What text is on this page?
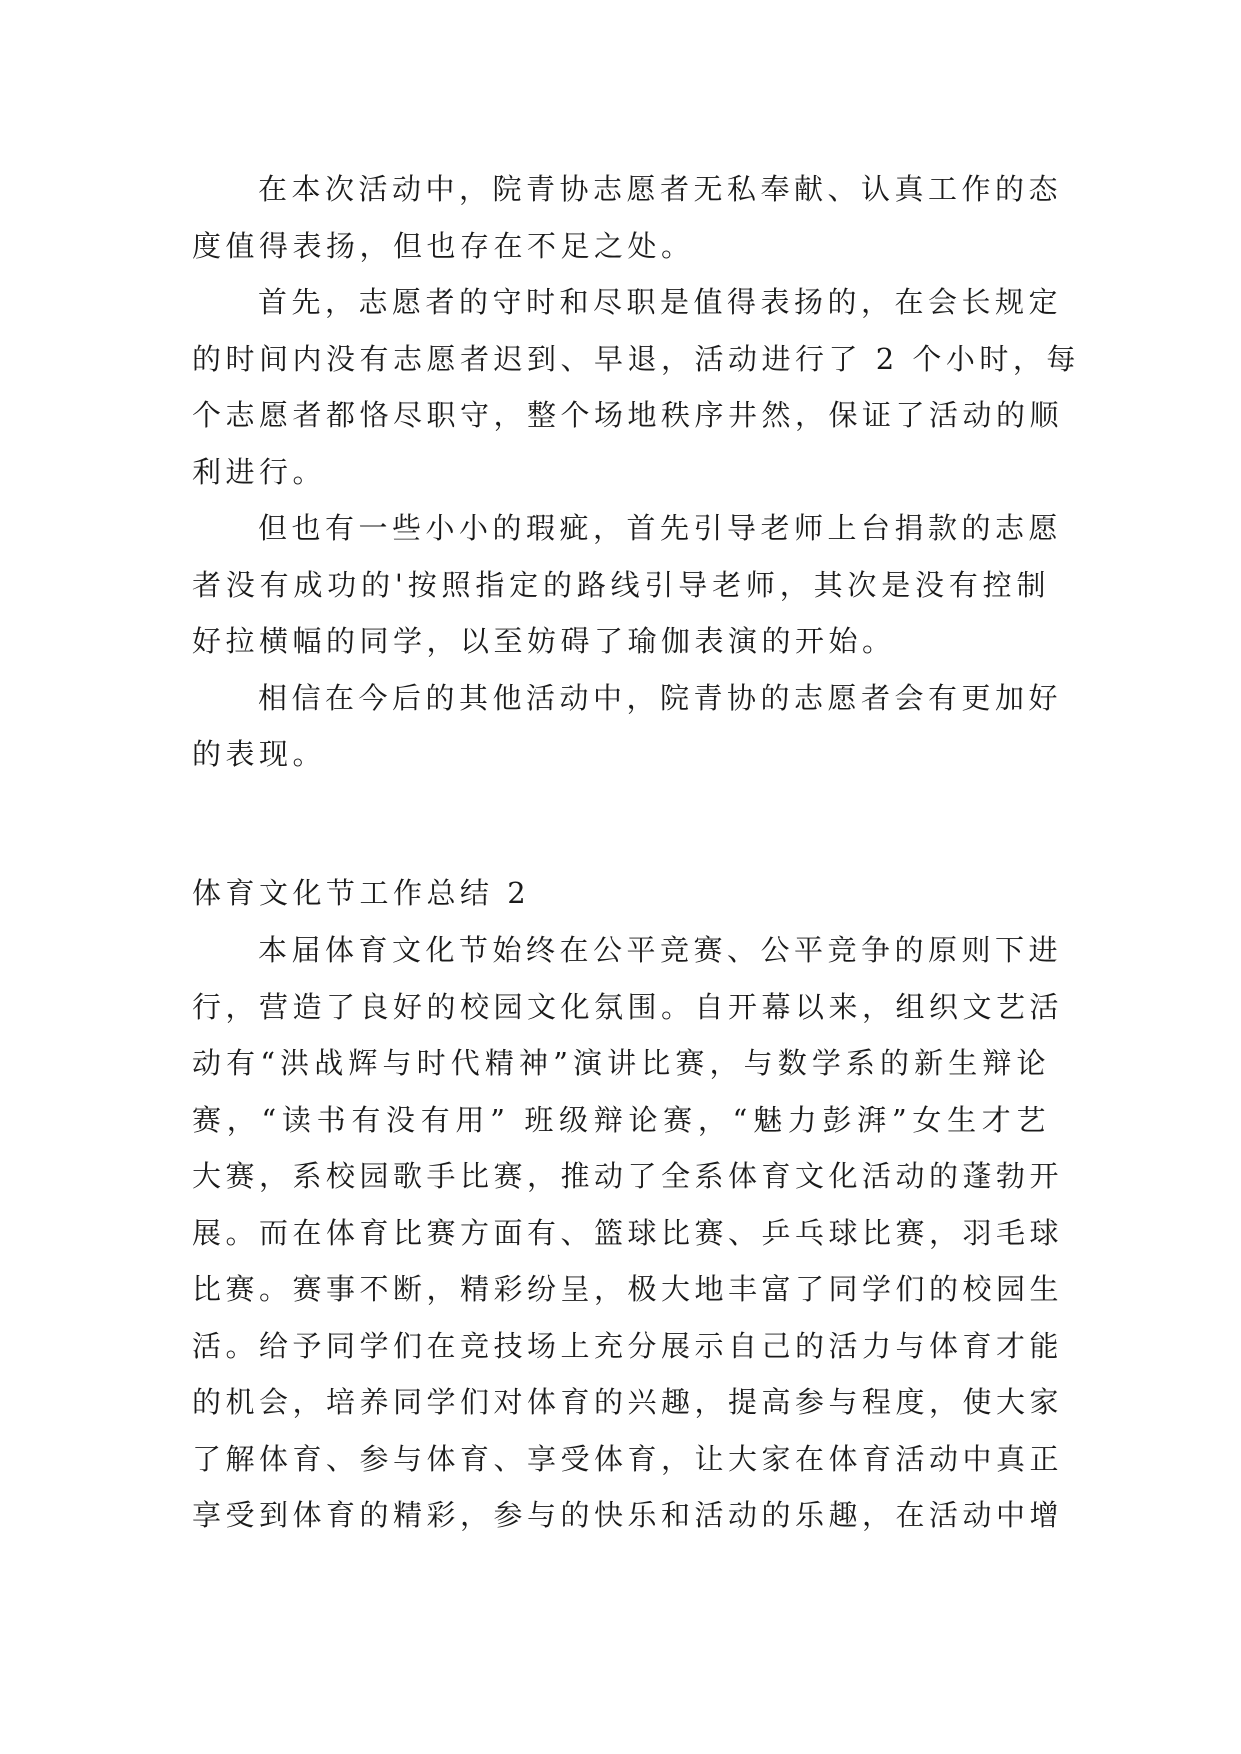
在本次活动中，院青协志愿者无私奉献、认真工作的态
度值得表扬，但也存在不足之处。
首先，志愿者的守时和尽职是值得表扬的，在会长规定
的时间内没有志愿者迟到、早退，活动进行了 2 个小时，每
个志愿者都恪尽职守，整个场地秩序井然，保证了活动的顺
利进行。
但也有一些小小的瑕疵，首先引导老师上台捐款的志愿
者没有成功的'按照指定的路线引导老师，其次是没有控制
好拉横幅的同学，以至妨碍了瑜伽表演的开始。
相信在今后的其他活动中，院青协的志愿者会有更加好
的表现。
体育文化节工作总结 2
本届体育文化节始终在公平竞赛、公平竞争的原则下进
行，营造了良好的校园文化氛围。自开幕以来，组织文艺活
动有“洪战辉与时代精神”演讲比赛，与数学系的新生辩论
赛，“读书有没有用” 班级辩论赛，“魅力彭湃”女生才艺
大赛，系校园歌手比赛，推动了全系体育文化活动的蓬勃开
展。而在体育比赛方面有、篮球比赛、乒乓球比赛，羽毛球
比赛。赛事不断，精彩纷呈，极大地丰富了同学们的校园生
活。给予同学们在竞技场上充分展示自己的活力与体育才能
的机会，培养同学们对体育的兴趣，提高参与程度，使大家
了解体育、参与体育、享受体育，让大家在体育活动中真正
享受到体育的精彩，参与的快乐和活动的乐趣，在活动中增
